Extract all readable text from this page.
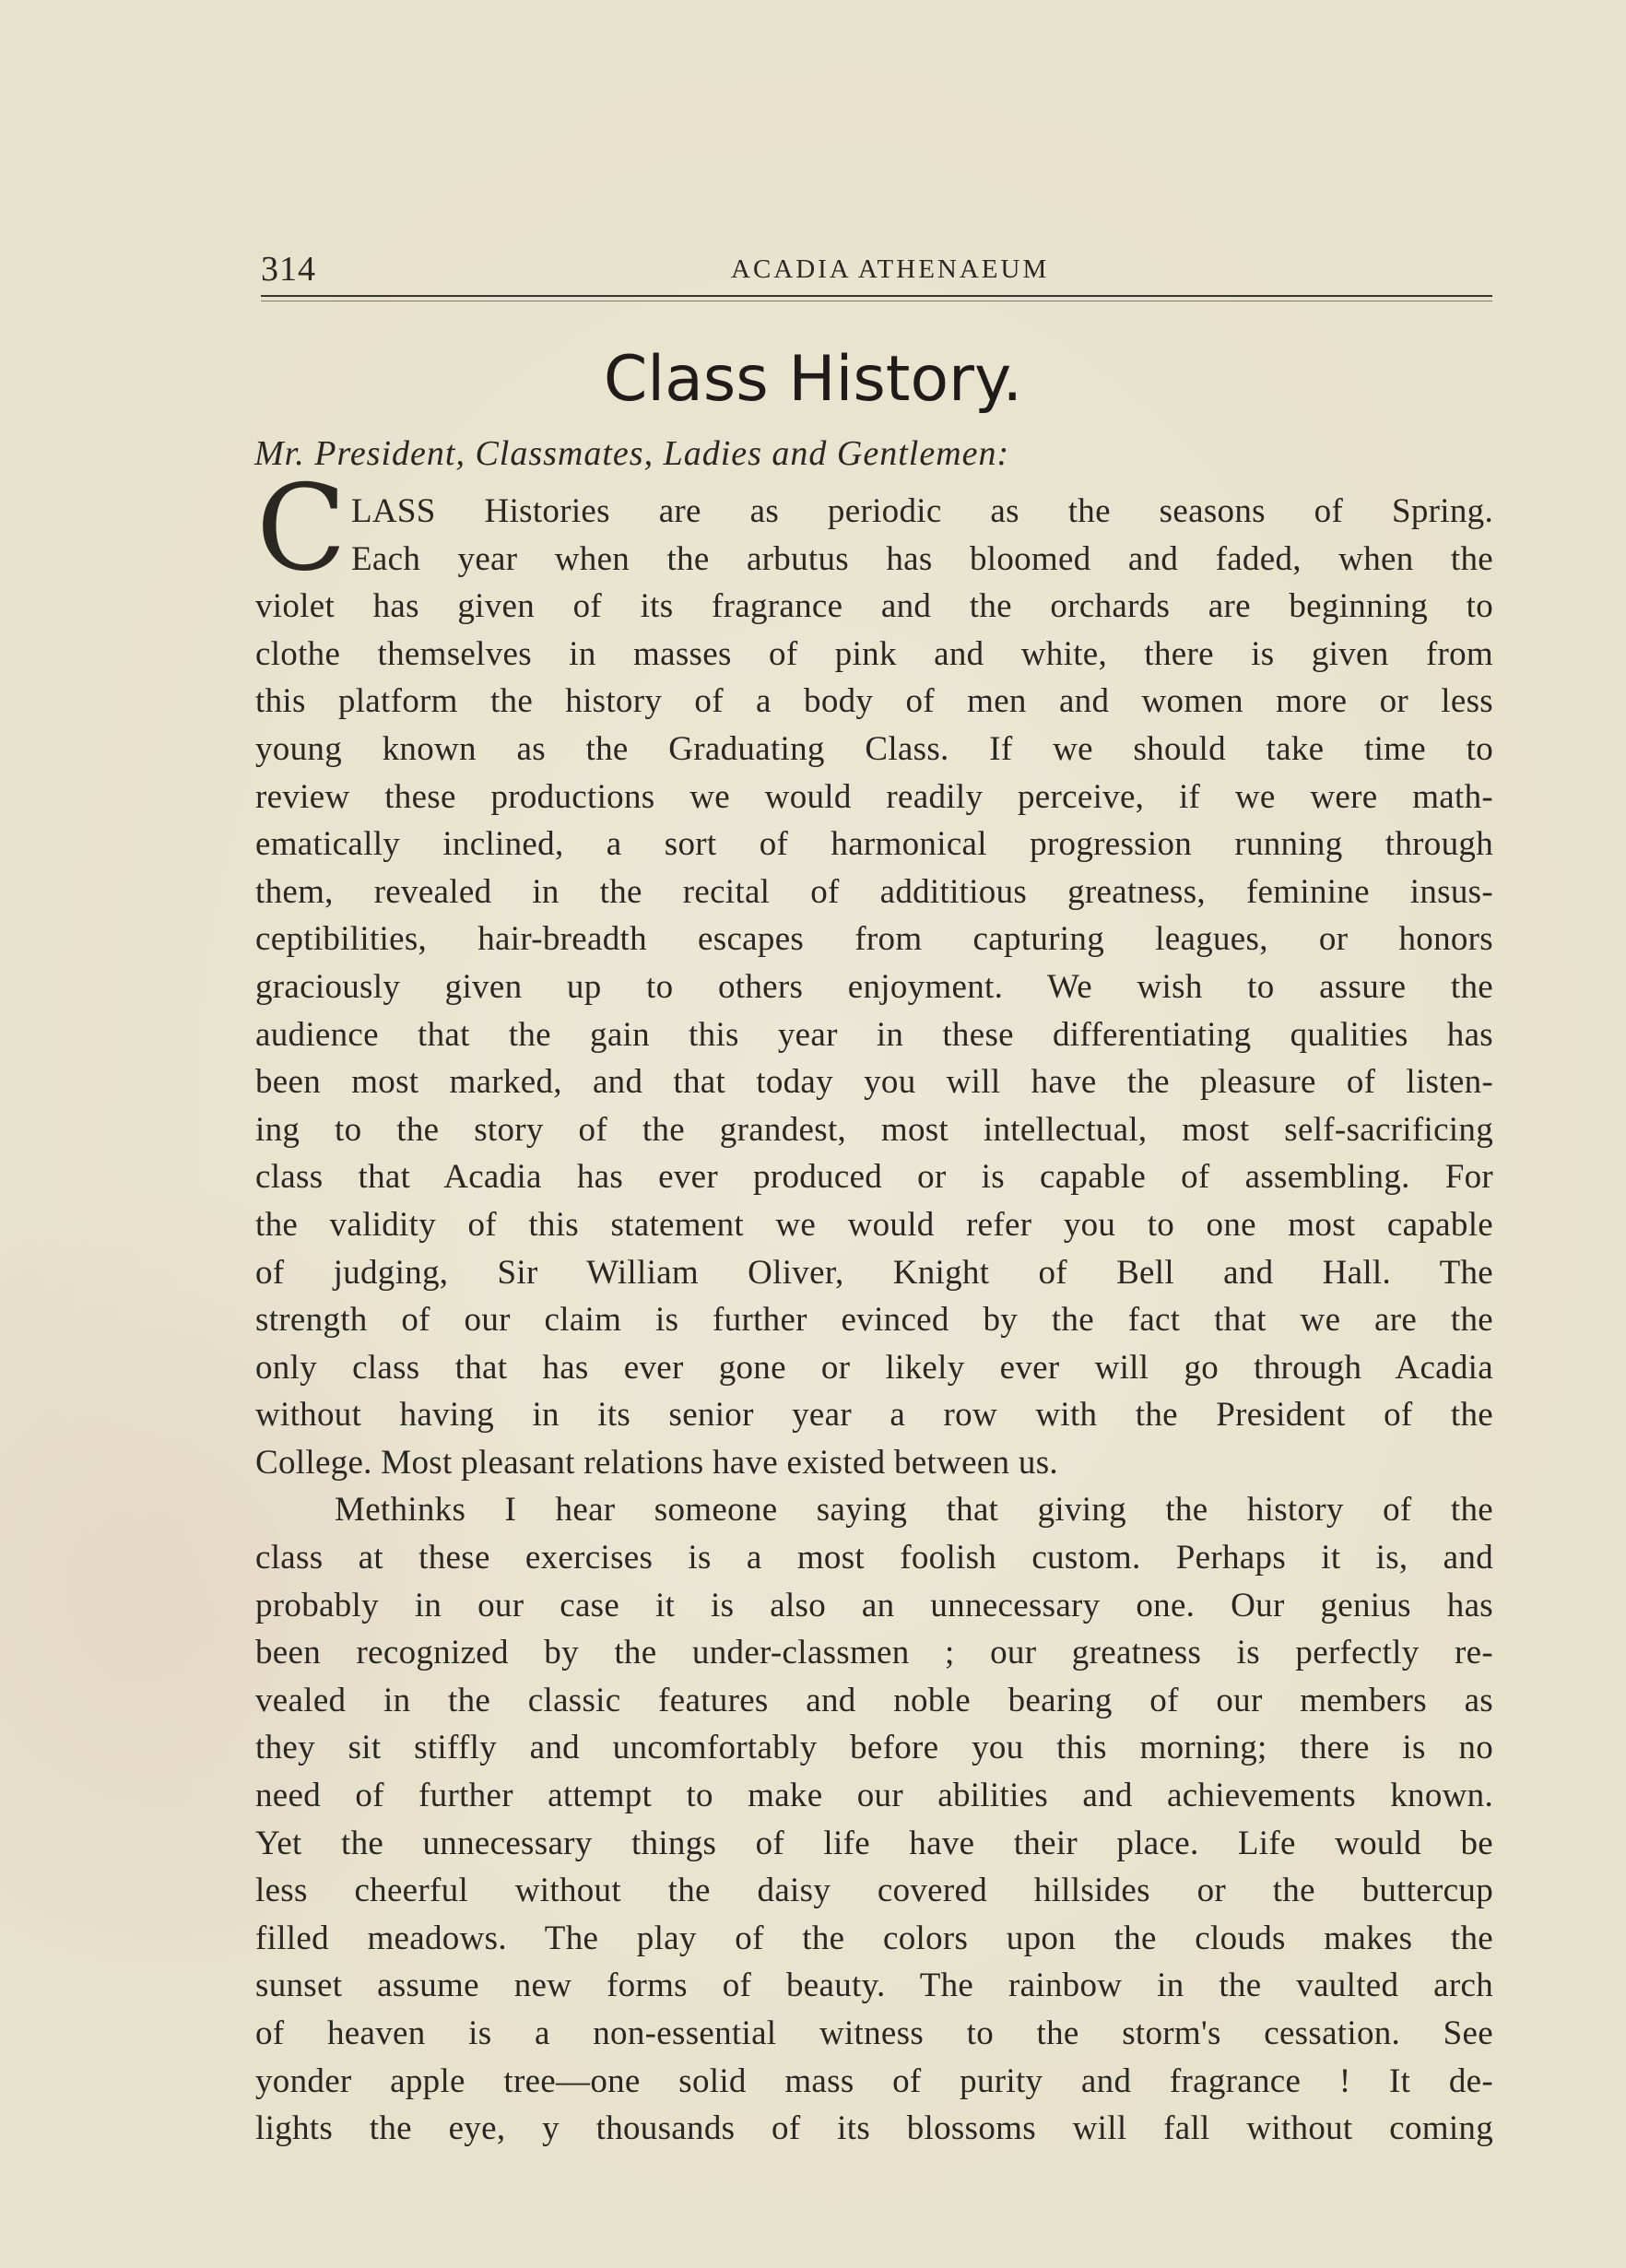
314	ACADIA ATHENAEUM
Class History.
Mr. President, Classmates, Ladies and Gentlemen:
C LASS Histories are as periodic as the seasons of Spring.
Each year when the arbutus has bloomed and faded, when the
violet has given of its fragrance and the orchards are beginning to
clothe themselves in masses of pink and white, there is given from
this platform the history of a body of men and women more or less
young known as the Graduating Class. If we should take time to
review these productions we would readily perceive, if we were math-
ematically inclined, a sort of harmonical progression running through
them, revealed in the recital of addititious greatness, feminine insus-
ceptibilities, hair-breadth escapes from capturing leagues, or honors
graciously given up to others enjoyment. We wish to assure the
audience that the gain this year in these differentiating qualities has
been most marked, and that today you will have the pleasure of listen-
ing to the story of the grandest, most intellectual, most self-sacrificing
class that Acadia has ever produced or is capable of assembling. For
the validity of this statement we would refer you to one most capable
of judging, Sir William Oliver, Knight of Bell and Hall. The
strength of our claim is further evinced by the fact that we are the
only class that has ever gone or likely ever will go through Acadia
without having in its senior year a row with the President of the
College. Most pleasant relations have existed between us.

Methinks I hear someone saying that giving the history of the
class at these exercises is a most foolish custom. Perhaps it is, and
probably in our case it is also an unnecessary one. Our genius has
been recognized by the under-classmen ; our greatness is perfectly re-
vealed in the classic features and noble bearing of our members as
they sit stiffly and uncomfortably before you this morning; there is no
need of further attempt to make our abilities and achievements known.
Yet the unnecessary things of life have their place. Life would be
less cheerful without the daisy covered hillsides or the buttercup
filled meadows. The play of the colors upon the clouds makes the
sunset assume new forms of beauty. The rainbow in the vaulted arch
of heaven is a non-essential witness to the storm's cessation. See
yonder apple tree—one solid mass of purity and fragrance ! It de-
lights the eye, y thousands of its blossoms will fall without coming
